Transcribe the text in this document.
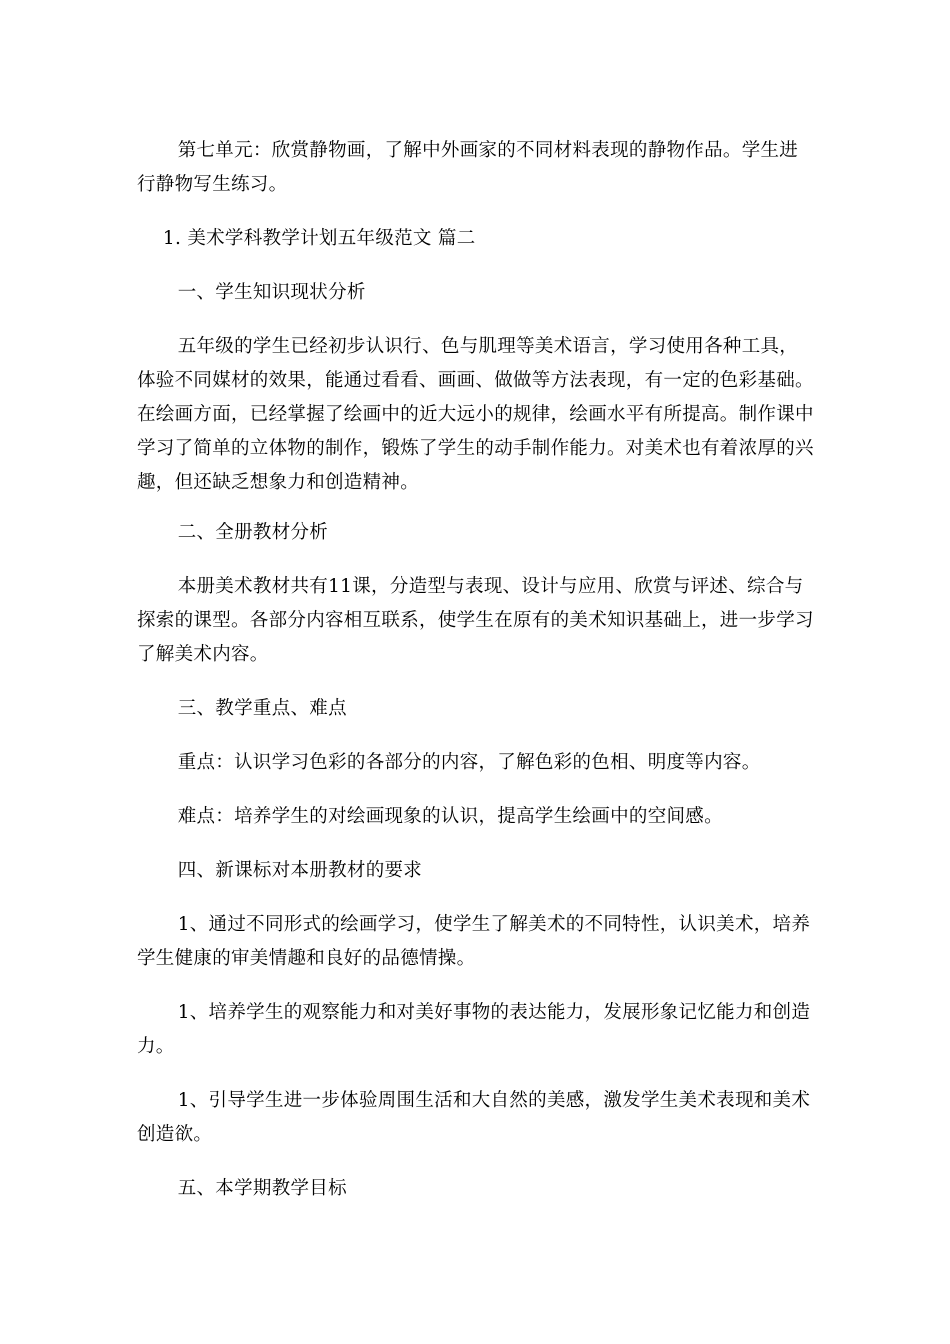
第七单元：欣赏静物画，了解中外画家的不同材料表现的静物作品。学生进行静物写生练习。

1. 美术学科教学计划五年级范文 篇二

一、学生知识现状分析

五年级的学生已经初步认识行、色与肌理等美术语言，学习使用各种工具，体验不同媒材的效果，能通过看看、画画、做做等方法表现，有一定的色彩基础。在绘画方面，已经掌握了绘画中的近大远小的规律，绘画水平有所提高。制作课中学习了简单的立体物的制作，锻炼了学生的动手制作能力。对美术也有着浓厚的兴趣，但还缺乏想象力和创造精神。

二、全册教材分析

本册美术教材共有11课，分造型与表现、设计与应用、欣赏与评述、综合与探索的课型。各部分内容相互联系，使学生在原有的美术知识基础上，进一步学习了解美术内容。

三、教学重点、难点

重点：认识学习色彩的各部分的内容，了解色彩的色相、明度等内容。

难点：培养学生的对绘画现象的认识，提高学生绘画中的空间感。

四、新课标对本册教材的要求

1、通过不同形式的绘画学习，使学生了解美术的不同特性，认识美术，培养学生健康的审美情趣和良好的品德情操。

1、培养学生的观察能力和对美好事物的表达能力，发展形象记忆能力和创造力。

1、引导学生进一步体验周围生活和大自然的美感，激发学生美术表现和美术创造欲。

五、本学期教学目标
